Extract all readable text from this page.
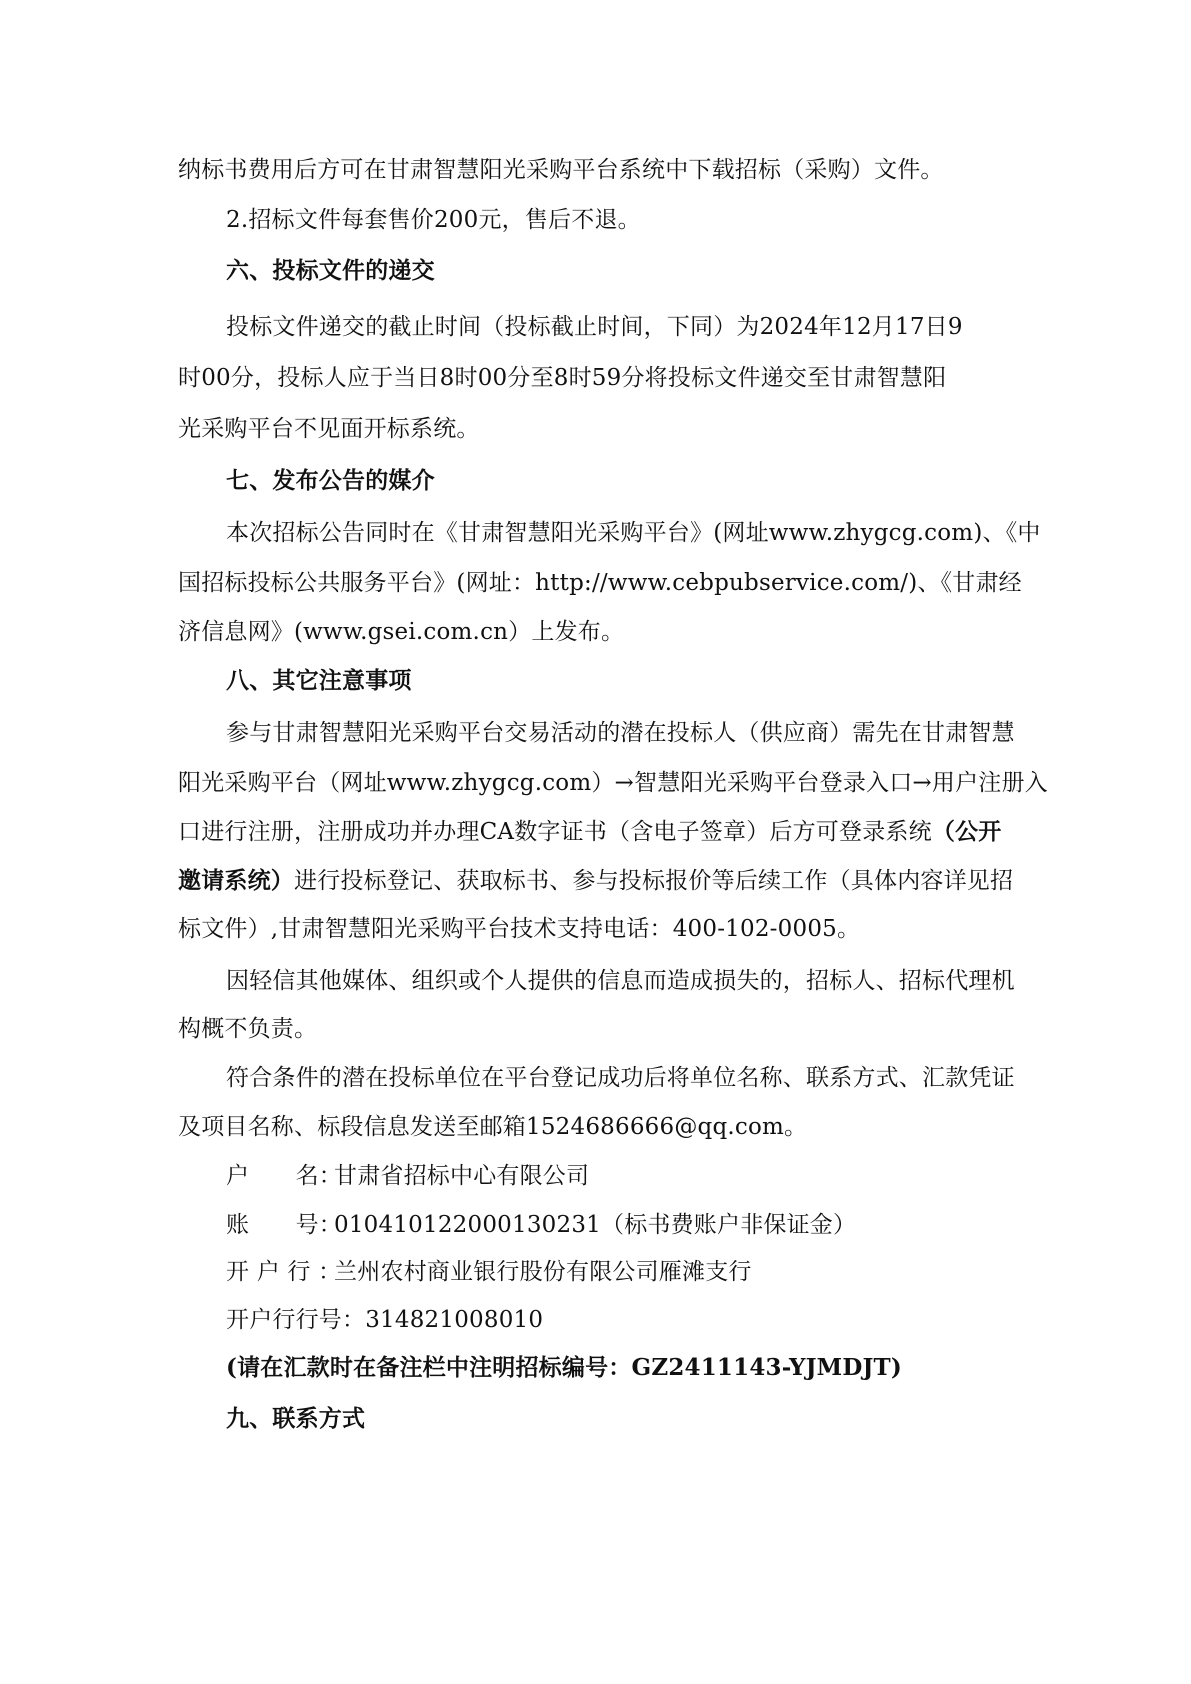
纳标书费用后方可在甘肃智慧阳光采购平台系统中下载招标（采购）文件。
2.招标文件每套售价200元，售后不退。
六、投标文件的递交
投标文件递交的截止时间（投标截止时间，下同）为2024年12月17日9
时00分，投标人应于当日8时00分至8时59分将投标文件递交至甘肃智慧阳
光采购平台不见面开标系统。
七、发布公告的媒介
本次招标公告同时在《甘肃智慧阳光采购平台》(网址www.zhygcg.com)、《中
国招标投标公共服务平台》(网址：http://www.cebpubservice.com/)、《甘肃经
济信息网》(www.gsei.com.cn）上发布。
八、其它注意事项
参与甘肃智慧阳光采购平台交易活动的潜在投标人（供应商）需先在甘肃智慧
阳光采购平台（网址www.zhygcg.com）→智慧阳光采购平台登录入口→用户注册入
口进行注册，注册成功并办理CA数字证书（含电子签章）后方可登录系统（公开
邀请系统）进行投标登记、获取标书、参与投标报价等后续工作（具体内容详见招
标文件）,甘肃智慧阳光采购平台技术支持电话：400-102-0005。
因轻信其他媒体、组织或个人提供的信息而造成损失的，招标人、招标代理机
构概不负责。
符合条件的潜在投标单位在平台登记成功后将单位名称、联系方式、汇款凭证
及项目名称、标段信息发送至邮箱1524686666@qq.com。
户　　名：甘肃省招标中心有限公司
账　　号：010410122000130231（标书费账户非保证金）
开 户 行 ：兰州农村商业银行股份有限公司雁滩支行
开户行行号：314821008010
(请在汇款时在备注栏中注明招标编号：GZ2411143-YJMDJT)
九、联系方式
